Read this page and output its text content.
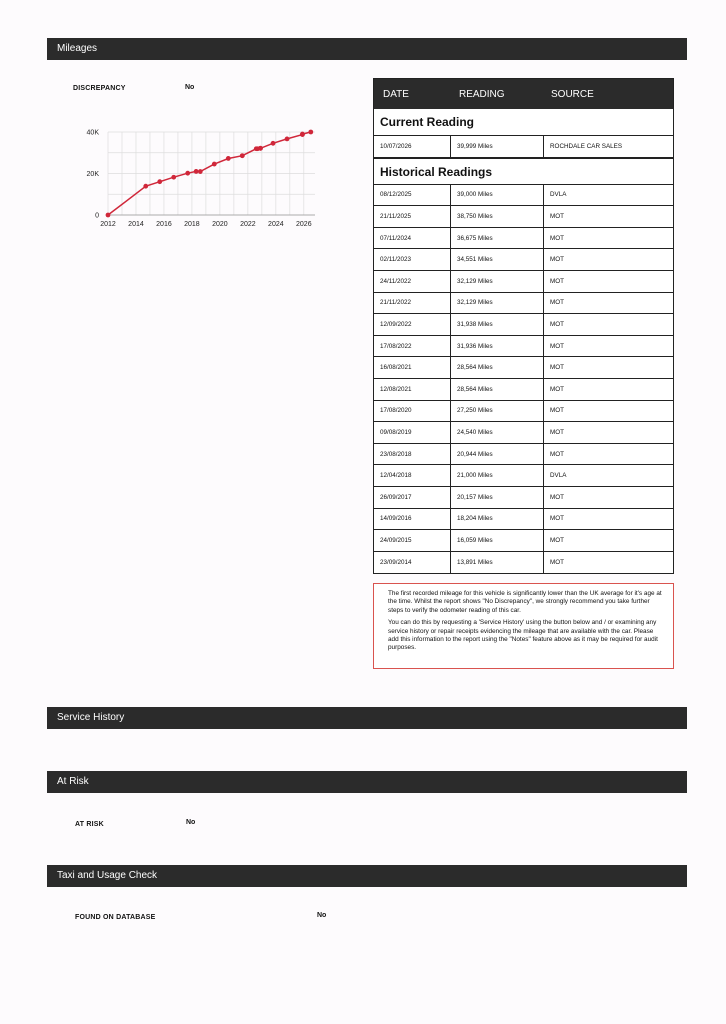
Mileages
DISCREPANCY	No
0
20K
40K
2012 2014 2016 2018 2020 2022 2024 2026
DATE	READING	SOURCE
Current Reading
10/07/2026	39,999 Miles	ROCHDALE CAR SALES
Historical Readings
08/12/2025	39,000 Miles	DVLA
21/11/2025	38,750 Miles	MOT
07/11/2024	36,675 Miles	MOT
02/11/2023	34,551 Miles	MOT
24/11/2022	32,129 Miles	MOT
21/11/2022	32,129 Miles	MOT
12/09/2022	31,938 Miles	MOT
17/08/2022	31,936 Miles	MOT
16/08/2021	28,564 Miles	MOT
12/08/2021	28,564 Miles	MOT
17/08/2020	27,250 Miles	MOT
09/08/2019	24,540 Miles	MOT
23/08/2018	20,944 Miles	MOT
12/04/2018	21,000 Miles	DVLA
26/09/2017	20,157 Miles	MOT
14/09/2016	18,204 Miles	MOT
24/09/2015	16,059 Miles	MOT
23/09/2014	13,891 Miles	MOT

The first recorded mileage for this vehicle is significantly lower than the UK average for it's age at the time. Whilst the report shows "No Discrepancy", we strongly recommend you take further steps to verify the odometer reading of this car.

You can do this by requesting a 'Service History' using the button below and / or examining any service history or repair receipts evidencing the mileage that are available with the car. Please add this information to the report using the "Notes" feature above as it may be required for audit purposes.

Service History
At Risk
AT RISK	No
Taxi and Usage Check
FOUND ON DATABASE	No
